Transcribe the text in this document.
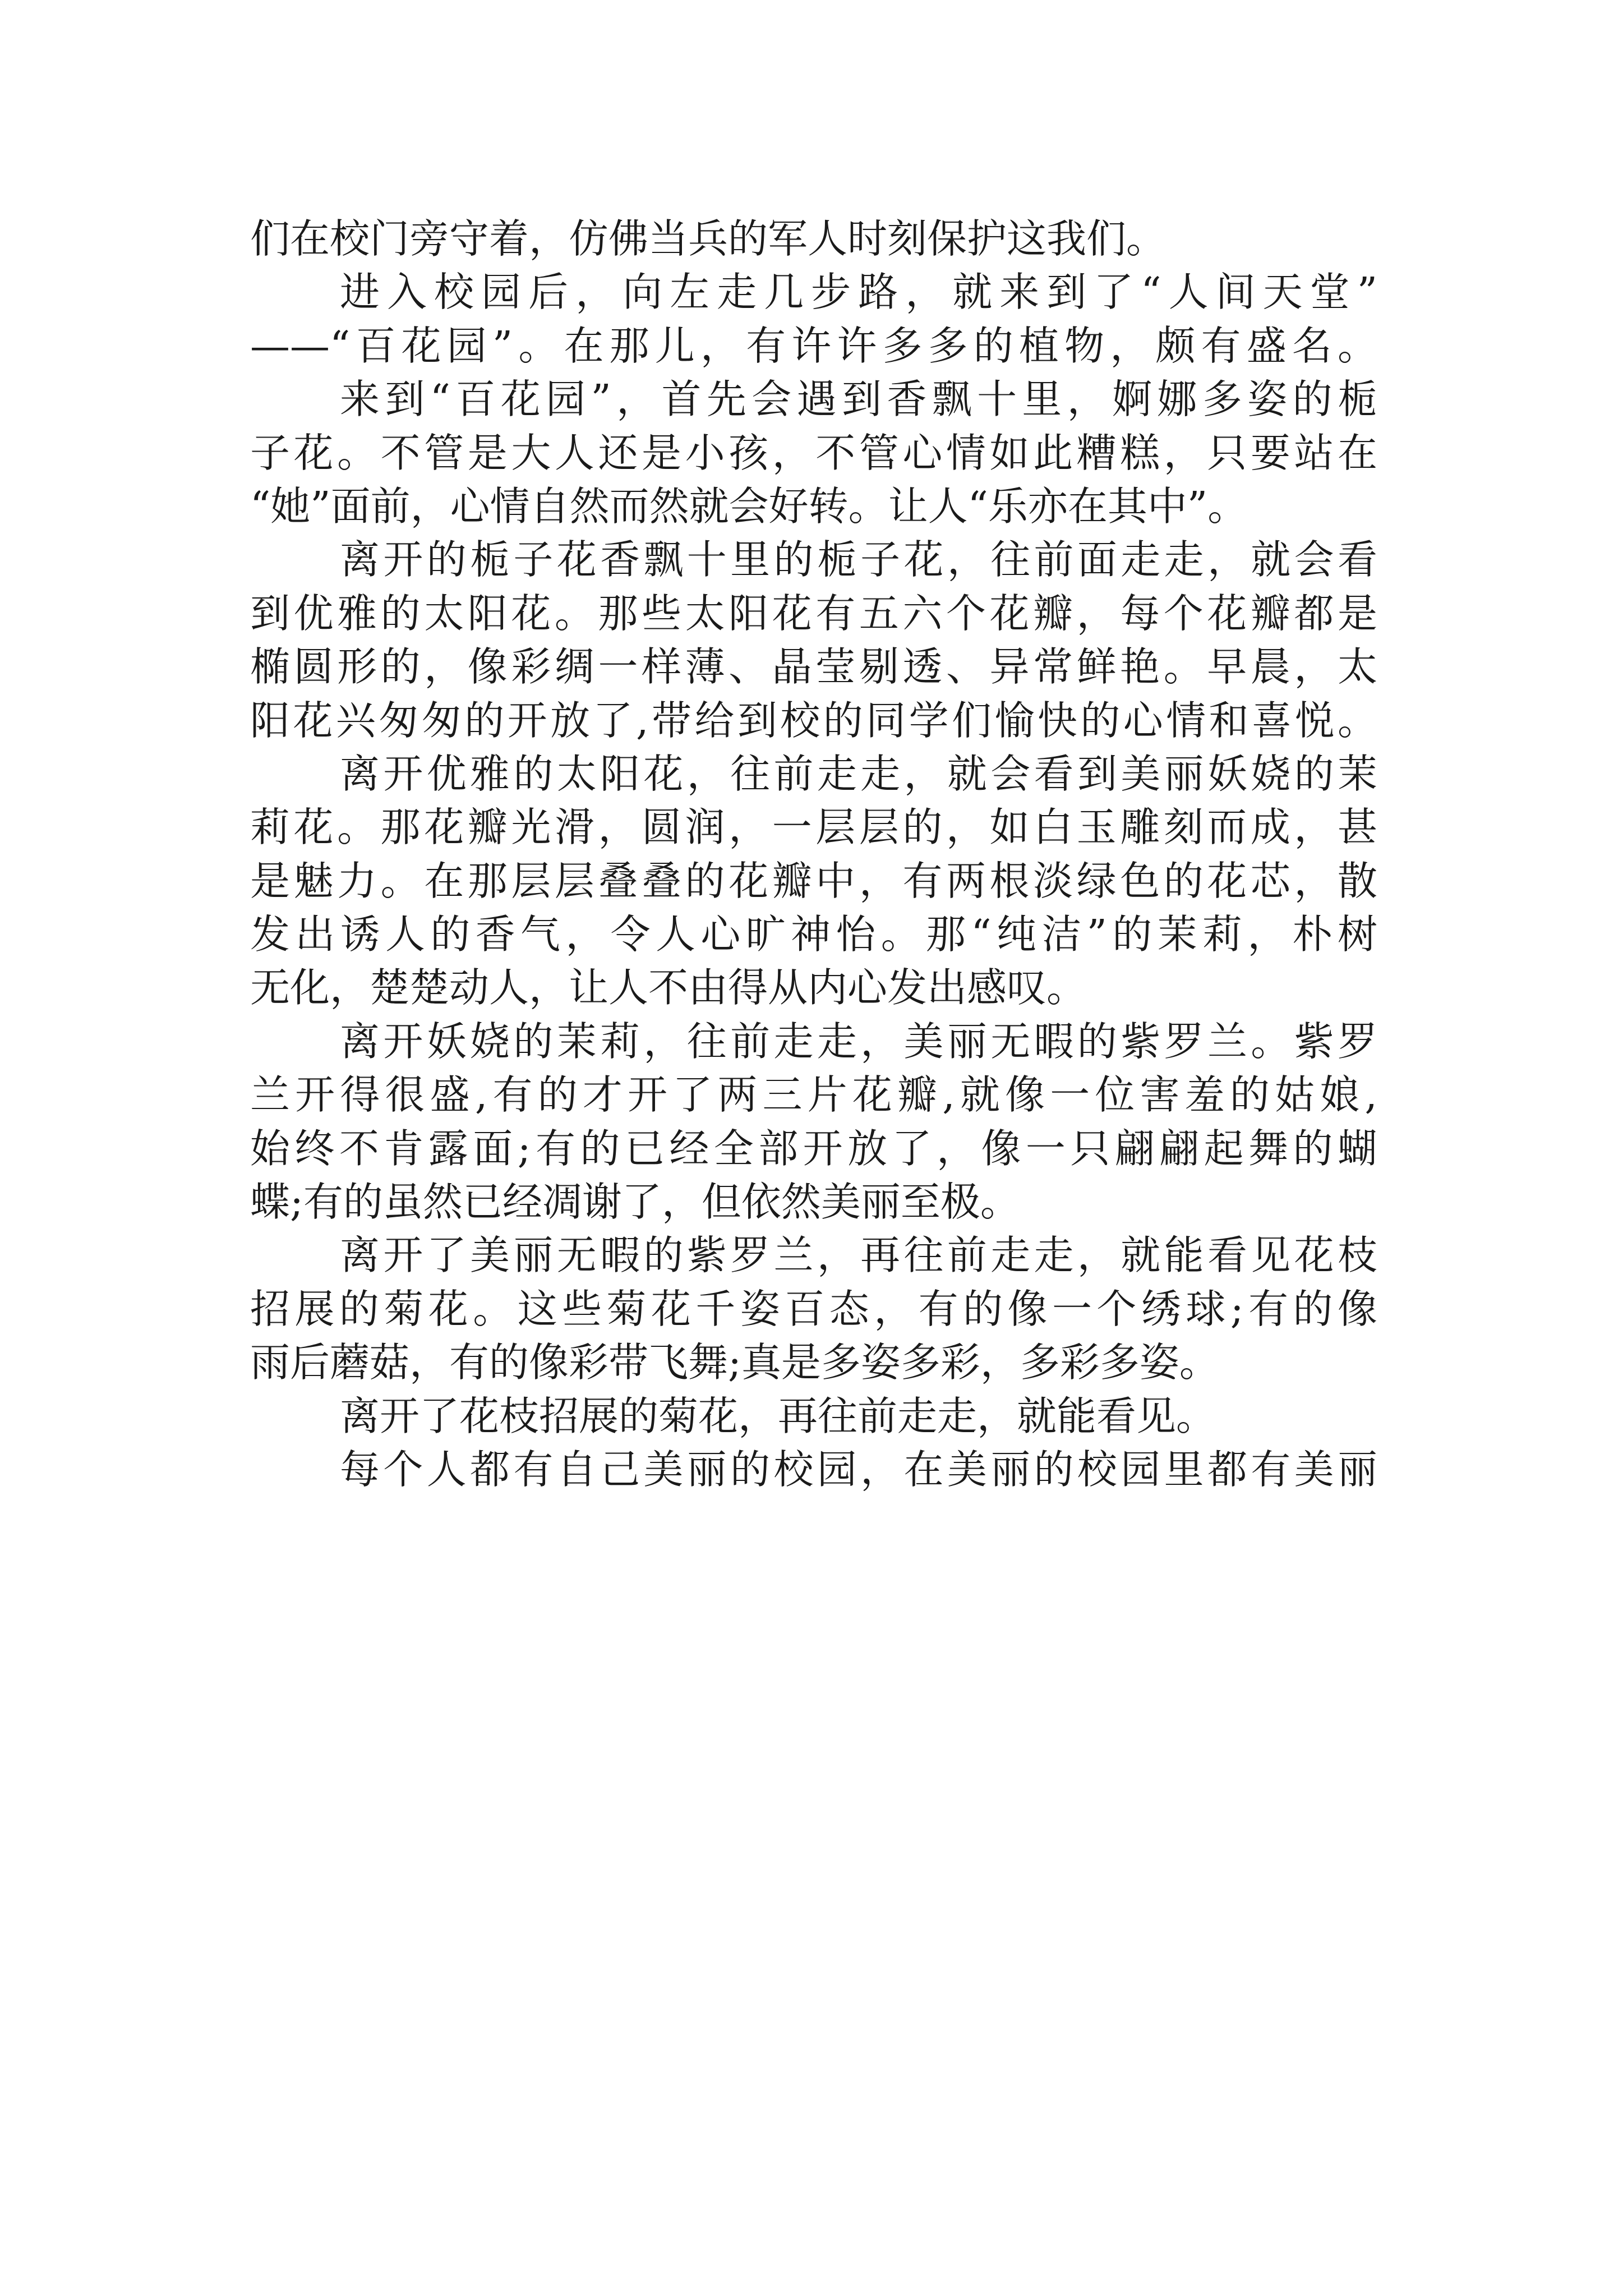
们在校门旁守着，仿佛当兵的军人时刻保护这我们。
进入校园后，向左走几步路，就来到了“人间天堂”
——“百花园”。在那儿，有许许多多的植物，颇有盛名。
来到“百花园”，首先会遇到香飘十里，婀娜多姿的栀
子花。不管是大人还是小孩，不管心情如此糟糕，只要站在
“她”面前，心情自然而然就会好转。让人“乐亦在其中”。
离开的栀子花香飘十里的栀子花，往前面走走，就会看
到优雅的太阳花。那些太阳花有五六个花瓣，每个花瓣都是
椭圆形的，像彩绸一样薄、晶莹剔透、异常鲜艳。早晨，太
阳花兴匆匆的开放了,带给到校的同学们愉快的心情和喜悦。
离开优雅的太阳花，往前走走，就会看到美丽妖娆的茉
莉花。那花瓣光滑，圆润，一层层的，如白玉雕刻而成，甚
是魅力。在那层层叠叠的花瓣中，有两根淡绿色的花芯，散
发出诱人的香气，令人心旷神怡。那“纯洁”的茉莉，朴树
无化，楚楚动人，让人不由得从内心发出感叹。
离开妖娆的茉莉，往前走走，美丽无暇的紫罗兰。紫罗
兰开得很盛,有的才开了两三片花瓣,就像一位害羞的姑娘,
始终不肯露面;有的已经全部开放了，像一只翩翩起舞的蝴
蝶;有的虽然已经凋谢了，但依然美丽至极。
离开了美丽无暇的紫罗兰，再往前走走，就能看见花枝
招展的菊花。这些菊花千姿百态，有的像一个绣球;有的像
雨后蘑菇，有的像彩带飞舞;真是多姿多彩，多彩多姿。
离开了花枝招展的菊花，再往前走走，就能看见。
每个人都有自己美丽的校园，在美丽的校园里都有美丽
